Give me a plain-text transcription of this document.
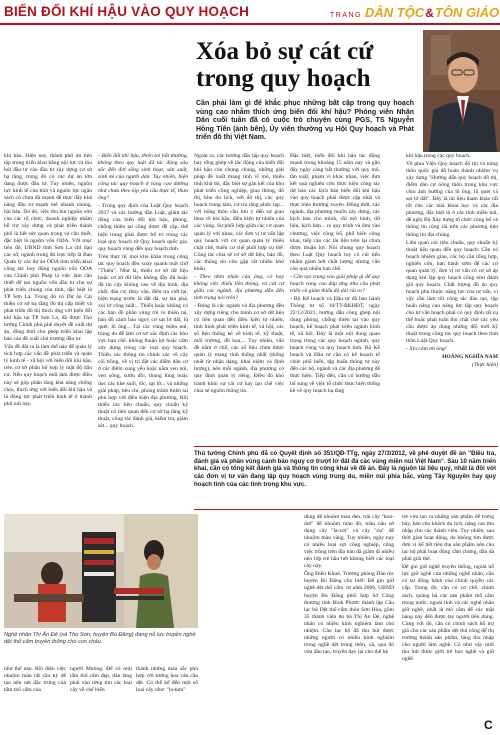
BIẾN ĐỔI KHÍ HẬU VÀO QUY HOẠCH	TRANG DÂN TỘC&TÔN GIÁO
Xóa bỏ sự cát cứ
trong quy hoạch
Cần phải làm gì để khắc phục những bất cập trong quy hoạch vùng cao nhằm thích ứng biến đổi khí hậu? Phóng viên Nhân Dân cuối tuần đã có cuộc trò chuyện cùng PGS, TS Nguyễn Hồng Tiến (ảnh bên), Ủy viên thường vụ Hội Quy hoạch và Phát triển đô thị Việt Nam.

khí hậu. Hiện nay, thành phố ưu tiên tập trung triển khai bằng nội lực và thu hút đầu tư vào đầu tư xây dựng cơ sở hạ tầng, trong đó có các dự án lớn đang được đầu tư. Tuy nhiên, nguồn lực kinh tế của tỉnh và nguồn lực ngân sách có chưa đủ mạnh để thực đẩy khả năng đầu tư mạnh mẽ nhanh chóng, bài bản. Do đó, việc thu hút nguồn vốn của các tổ chức, doanh nghiệp nhằm hỗ trợ xây dựng và phát triển thành phố là hết sức quan trọng và cần thiết, đặc biệt là nguồn vốn ODA. Với mục tiêu đó, UBND tỉnh Sơn La chỉ đạo các sở, ngành trong đó trực tiếp là Ban Quản lý các dự án ODA tỉnh triển khai công tác huy động nguồn vốn ODA của Chính phủ Pháp là việc làm cần thiết để tạo nguồn vốn đầu tư cho sự phát triển chung của tỉnh, đặc biệt là TP Sơn La. Trong đó có Dự án Cải thiện cơ sở hạ tầng đô thị cấp thiết và phát triển đô thị thích ứng với biến đổi khí hậu tại TP Sơn La, đã được Thủ tướng Chính phủ phê duyệt đề xuất dự án, đồng thời cho phép triển khai lập báo cáo đề xuất chủ trương đầu tư.

Vấn đề đặt ra là làm thế nào để quản lý tích hợp các vấn đề phát triển và quản lý kinh tế - xã hội với biến đổi khí hậu, trên cơ sở phân bố hợp lý mật độ dân cư. Nếu quy hoạch môi làm được điều này sẽ góp phần tăng khả năng chống chịu, thích ứng với biến đổi khí hậu và là động lực phát triển kinh tế ở thành phố núi này.

- Biến đổi khí hậu, thiên tai bất thường, không theo quy luật đã tác động sâu sắc đến đời sống sinh hoạt, sản xuất, sinh kế của người dân. Tuy nhiên, hiện công tác quy hoạch ở vùng cao dường như chưa theo kịp yêu cầu thực tế, thưa ông?

- Trong quy định của Luật Quy hoạch 2017 và các hướng dẫn Luật, giảm tác động của biến đổi khí hậu, phòng, chống thiên tai cũng được đề cập, thể hiện trong phải được bố trí trong các loại quy hoạch từ Quy hoạch quốc gia, quy hoạch vùng đến quy hoạch tỉnh.

Trên thực tế, mọi khó khăn trong công tác quy hoạch đều xoay quanh một chữ "Thiếu". Như là, thiếu cơ sở dữ liệu hoặc cơ sở dữ liệu không đầy đủ hoặc độ tin cậy không cao về địa hình, địa chất, dân cư, thủy văn, điều tra viết lại, hiện trạng trước là đất đá, sự tàn phá, xói lở công suất... Thiếu hoặc không có các bản đồ phân vùng rủi ro thiên tai, bản đồ cảnh báo nguy cơ sạt lở đất, lũ quét, lũ ống... Tại các vùng miền núi, trung du để làm cơ sở xác định các khu vực hạn chế, không thuận lợi hoặc cấm xây dựng trong các loại quy hoạch. Thiếu các thông tin chính xác về cây cối trồng, về vị trí đặt các điểm dân cư ở các điểm xung yếu hoặc nằm ven núi, ven sông, sườn đồi, thung lũng hoặc dọc các khe suối, tốc, sạt lở... và những giải pháp, tiêu chí, phòng tránh thiên tai phù hợp với điều kiện địa phương. Rồi thiếu các tiêu chuẩn, quy chuẩn kỹ thuật có liên quan đến cơ sở hạ tầng kỹ thuật, công tác đánh giá, kiểm tra, giám sát... quy hoạch.

Ngoài ra, các hướng dẫn lập quy hoạch hay tổng ghép về tác động của biến đổi khí hậu còn chung chung, những giải pháp đề xuất mang tính vĩ mô, thiếu tính khả thi, đặc biệt sự gắn kết của khu phát triển công nghiệp, giao thông, đô thị, khu du lịch, với đô thị, các quy hoạch trung tâm, cư trú tăng phức tạp... với nông thôn cần lưu ý đến sự giao thoa về khí hậu, điều kiện tự nhiên của các vùng. Sự phối hợp giữa các cơ quan quản lý với nhau, các đơn vị tư vấn lập quy hoạch với cơ quan quản lý thiếu chặt chẽ, thiếu cơ chế phối hợp cụ thể. Công tác chia sẻ cơ sở dữ liệu, bản đồ, các thông tin còn gặp rất nhiều khó khăn.

- Theo nhìn nhận của ông, có hay không việc thiếu liên thông, và cát cứ giữa các ngành, địa phương dẫn đến tình trạng nói trên?

- Đúng là các ngành và địa phương đều xây dựng riêng cho mình cơ sở dữ liệu có liên quan đến điều kiện tự nhiên, tình hình phát triển kinh tế, xã hội, các số liệu thống kê về kinh tế, kỹ thuật, môi trường, đồ họa,... Tuy nhiên, vấn đề nằm ở chỗ, các số liệu chưa được quản lý mang tính thống nhất (thống nhất từ nhận dạng, khai niệm và định lượng), nên mỗi ngành, địa phương có quy định quản lý riêng. Điều đó khó tránh khỏi sự cát cứ hay tạo chế việc chia sẻ nguồn thông tin.

Đặc biệt, biến đổi khí hậu tác động mạnh trong khoảng 15 năm nay và gần đây ngày càng bất thường với quy mô, tần suất, phạm vi khác nhau, việc đưa kết quả nghiên cứu thực hiện công tác dự báo các kịch bản biến đổi khí hậu vào quy hoạch phải được cập nhật và thực hiện thường xuyên. Đồng thời, các ngành, địa phương muốn xây dựng, các kịch bản cho mình, rồi mô hình, dữ liệu, kịch bản... ra quy trình và đưa vào chương, việc công bố, phổ biến công khai, tiếp cận các tài liệu trên lại chưa được thuận lợi. Nói chung quy hoạch theo Luật Quy hoạch tuy có cải tiến nhằm giảm bớt chất lượng nhưng vẫn còn quá nhiều han chế.

- Cần tạo trung vào giải pháp gì để quy hoạch vùng cao đáp ứng nhu cầu phát triển và giảm thiểu độ dài rủi ro?

- Bộ Kế hoạch và Đầu tư đã ban hành Thông tư số 10/TT-BKHĐT, ngày 22/12/2021, hướng dẫn cồng ghép nội dung phòng, chống thiên tai vào quy hoạch, kế hoạch phát triển ngành kinh tế, xã hội. Đây là một nội dung quan trọng trong các quy hoạch ngành, quy hoạch vùng và quy hoạch tỉnh. Bộ Kế hoạch và Đầu tư cần có kế hoạch tổ chức phổ biến, tập huấn thông tư này đến các bộ, ngành và các địa phương để thực hiện. Tiếp đến, cần có hướng dẫn bổ sung về việc tổ chức thực hiện thống kê về quy hoạch hạ tầng

khí hậu trong các quy hoạch.

Về phía Viện Quy hoạch đô thị và nông thôn quốc gia đã hoàn thành nhiệm vụ xây dựng "Hướng dẫn quy hoạch đô thị, điểm dân cư nông thôn trong khu vực chịu ảnh hưởng của lũ ống, lũ quét và sạt lở đất". Đây là tài liệu tham khảo rất tốt cho các nhà khoa học và các địa phương, đặc biệt là ở các tỉnh miền núi, để nghị Bộ Xây dựng tổ chức công bố và thông tin rộng rãi trên các phương tiện thông tin đại chúng.

Liên quan các tiêu chuẩn, quy chuẩn kỹ thuật liên quan đến quy hoạch: Cần có hoạch nhiệm giao, các bộ cần tổng hợp, nghiên cứu, ban hành sớm để các cơ quan quản lý, đơn vị tư vấn có cơ sở áp dụng khi lập quy hoạch cũng như đánh giá quy hoạch. Chất lượng đồ án quy hoạch phụ thuộc nặng lực của tư vấn, vì vậy cần làm tốt công tác đào tạo, tập huấn nâng cao năng lực lập quy hoạch cho tư vấn hoạch phải có quy định rất cụ thể hoặc phải tuân thủ chặt chẽ các yêu cầu được áp dụng những đổi mới kỹ thuật trong công tác quy hoạch theo tinh thần Luật Quy hoạch.

- Xin cảm ơn ông!

HOÀNG NGHĨA NAM

(Thực hiện)

Thủ tướng Chính phủ đã có Quyết định số 351/QĐ-TTg, ngày 27/3/2012, về phê duyệt đề án "Điều tra, đánh giá và phân vùng cảnh báo nguy cơ trượt lở đất đá các vùng miền núi Việt Nam". Sau 10 năm triển khai, cần có tổng kết đánh giá và thông tin công khai về đề án. Đây là nguồn tài liệu quý, nhất là đối với các đơn vị tư vấn đang lập quy hoạch vùng trung du, miền núi phía bắc, vùng Tây Nguyên hay quy hoạch tỉnh của các tỉnh trong khu vực.
Nghệ nhân Thị Ăn Đê (xã Thọ Sơn, huyện Bù Đăng) đang nỗ lực truyền nghề dệt thổ cẩm truyền thống cho con cháu.

như thế nào. Rồi điện việc nhuộm màu rất cầu kỳ để tạo nên nét đặc trưng của tấm thổ cẩm của

người Mnông. Để có một tấm thổ cẩm đẹp, đàn làng phải vào rừng tìm các loại cây về chế biến

thành những màu sắc phù hợp với tưởng hoa văn cần dệt. Có thể kể đến một số loại cây như: "la-tum"

dùng để nhuộm màu đen, trái cây "kon-dơi" để nhuộm màu đỏ, mầu nâu sở dụng cây "la-zơi" và cây "ria" để nhuộm màu vàng. Tuy nhiên, ngày nay có nhiều loại sợi công nghiệp, công việc trồng trên địa bàn đã giảm đi nhiều nên lớp trẻ hầu hết không biết các loại cây này.

Ông Điểu Khuê, Trưởng phòng Dân tộc huyện Bù Đăng cho biết: Để gìn giữ nghề dệt thổ cẩm, từ năm 2006, UBND huyện Bù Đăng phối hợp Sở Công thương tỉnh Bình Phước thành lập Câu lạc bộ Dệt thổ cẩm thôn Sơn Hòa, gồm 35 thành viên do bà Thị An Đê, nghệ nhân có nhiều kinh nghiệm làm chủ nhiệm. Câu lạc bộ đã thu hút được những người có nhiều kinh nghiệm trong nghề dệt trong thôn, xã, qua đó vừa đào tạo, truyền dạy lại cho thế hệ

trẻ vừa tạo ra những sản phẩm để trưng bày, bán cho khách du lịch, nâng cao thu nhập cho các thành viên. Tuy nhiên, sau thời gian hoạt động, do không tìm được đơn vị kế tiết tiêu thụ sản phẩm nên câu lạc bộ phải hoạt động cầm chừng, dần dà phải giải thể.

Để gìn giữ nghề truyền thống, ngoài nỗ lực giữ nghề của những nghệ nhân, cần có sự đồng hành của chính quyền các cấp. Trong đó, cần có cơ chế, chính sách, quảng bá các sản phẩm thổ cẩm trong nước, ngoài tỉnh và các nghệ nhân giữ nghề, nhất là mô cắm để các mặt hàng này đến được tay người tiêu dùng. Cùng với đó, cần có chính sách hỗ trợ giá cho các sản phẩm dệt thủ công để thị trường thành sản phẩm, tăng thu nhập cho người làm nghề. Có như vậy mới thu hút được giới trẻ học nghề và giữ nghề.

C
